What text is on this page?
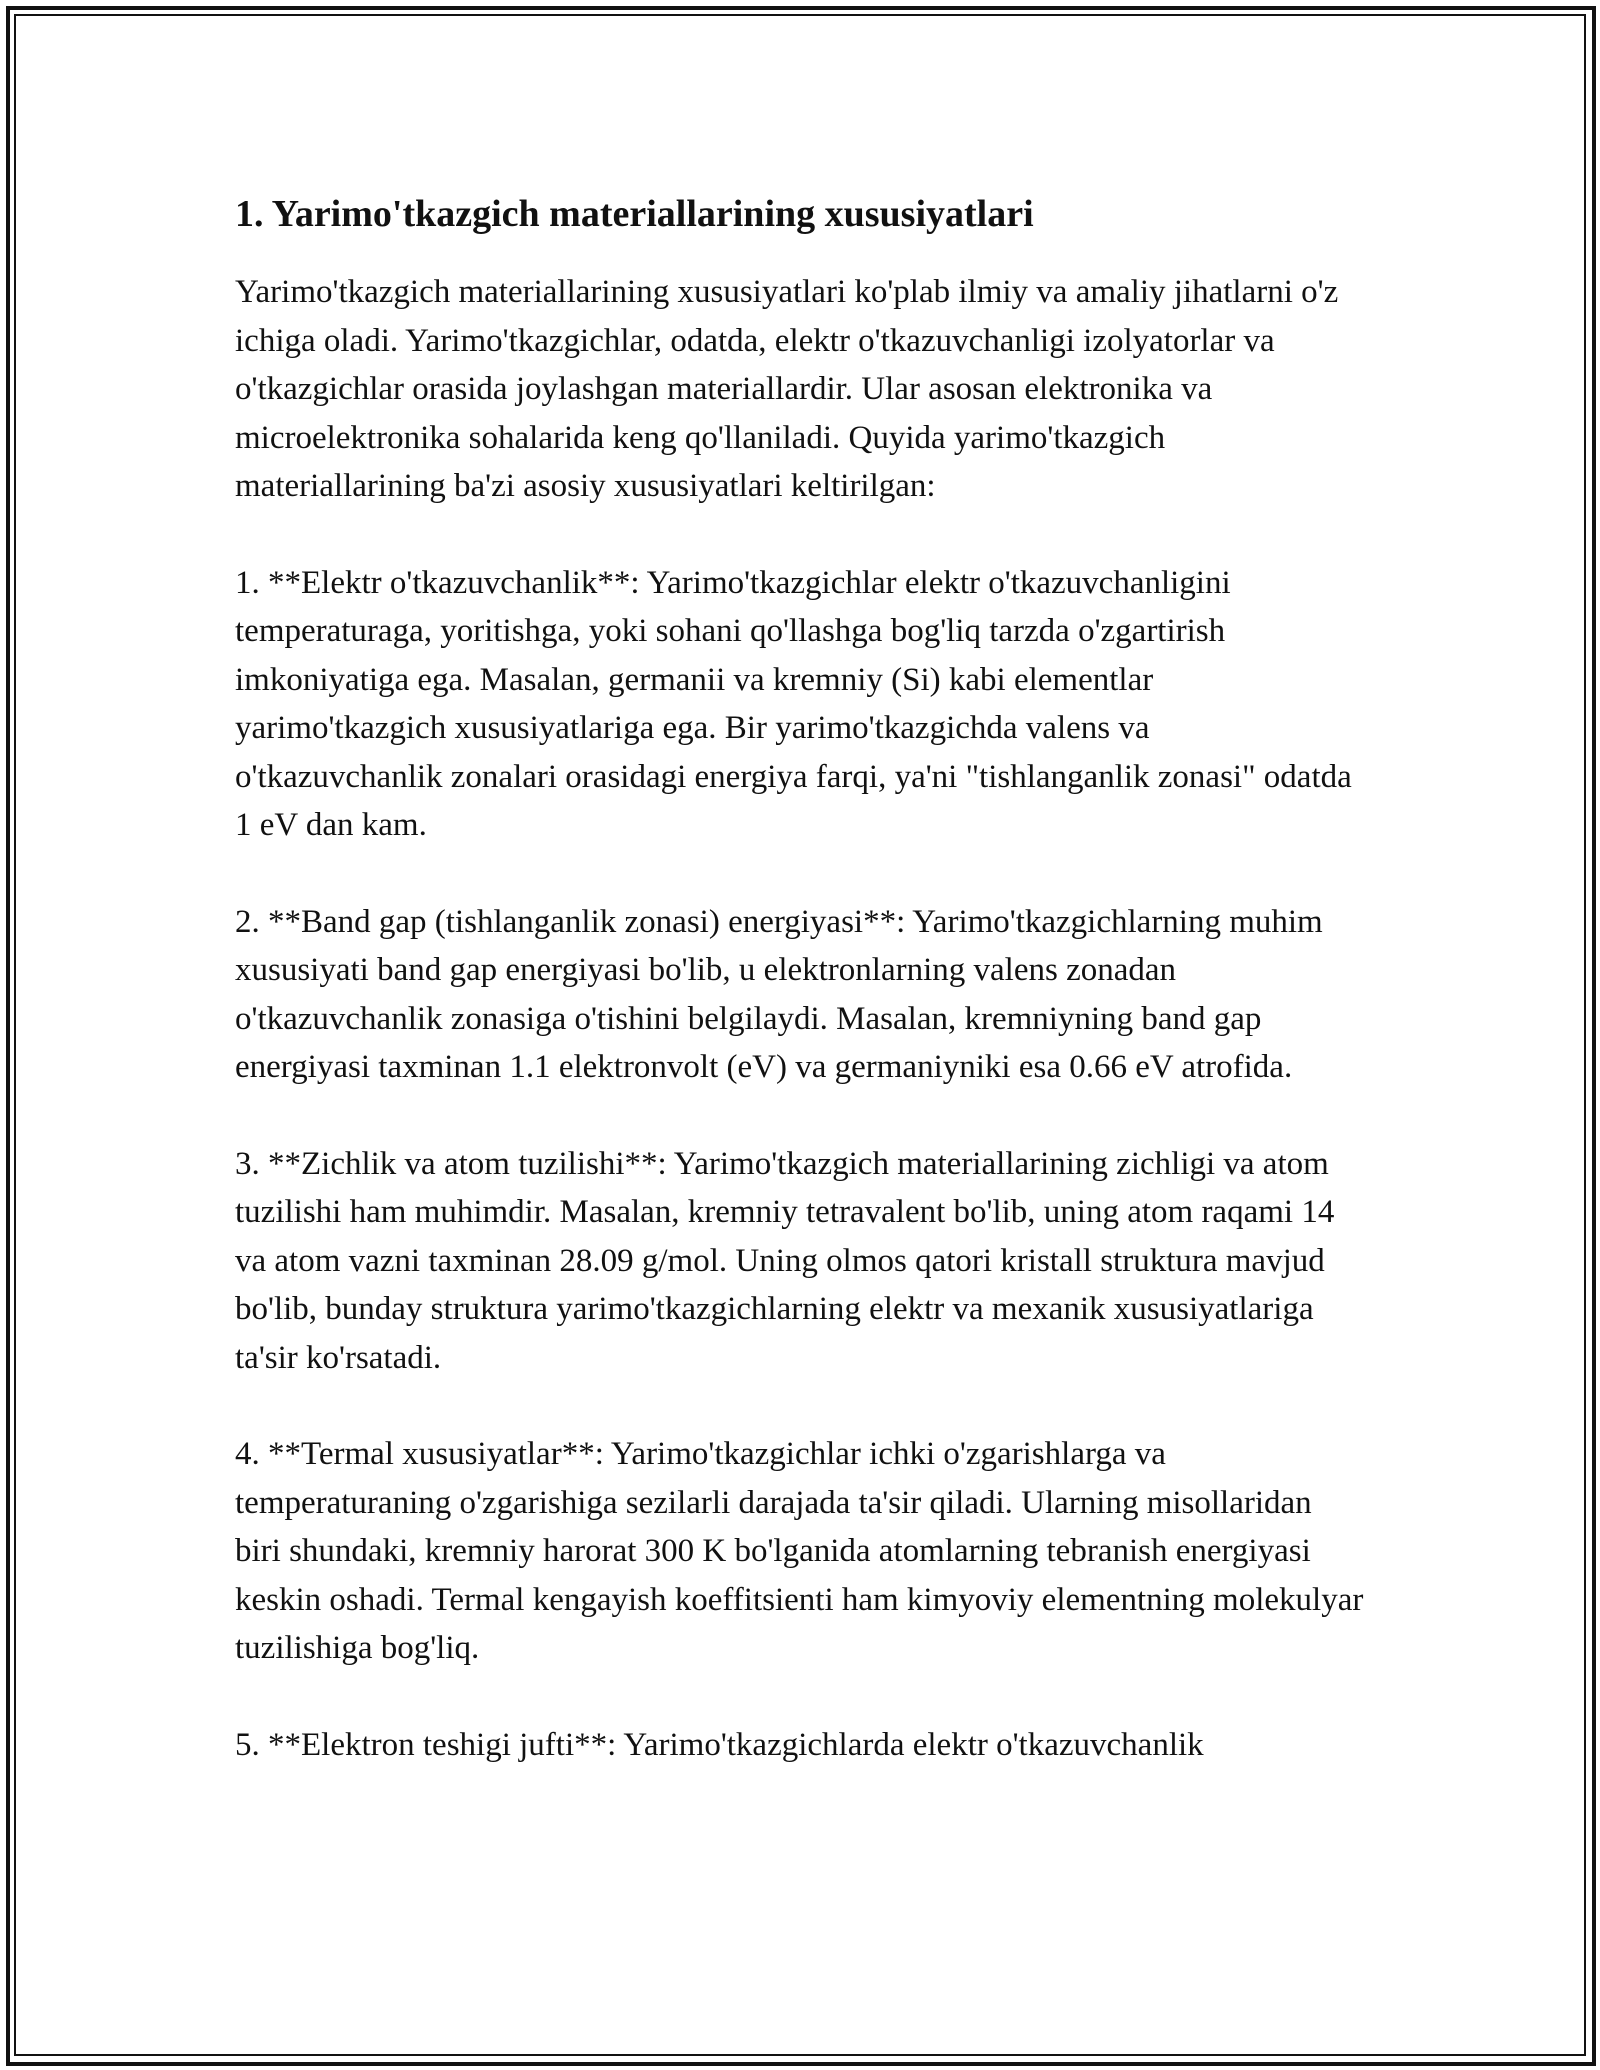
1. Yarimo'tkazgich materiallarining xususiyatlari

Yarimo'tkazgich materiallarining xususiyatlari ko'plab ilmiy va amaliy jihatlarni o'z ichiga oladi. Yarimo'tkazgichlar, odatda, elektr o'tkazuvchanligi izolyatorlar va o'tkazgichlar orasida joylashgan materiallardir. Ular asosan elektronika va microelektronika sohalarida keng qo'llaniladi. Quyida yarimo'tkazgich materiallarining ba'zi asosiy xususiyatlari keltirilgan:

1. **Elektr o'tkazuvchanlik**: Yarimo'tkazgichlar elektr o'tkazuvchanligini temperaturaga, yoritishga, yoki sohani qo'llashga bog'liq tarzda o'zgartirish imkoniyatiga ega. Masalan, germanii va kremniy (Si) kabi elementlar yarimo'tkazgich xususiyatlariga ega. Bir yarimo'tkazgichda valens va o'tkazuvchanlik zonalari orasidagi energiya farqi, ya'ni "tishlanganlik zonasi" odatda 1 eV dan kam.

2. **Band gap (tishlanganlik zonasi) energiyasi**: Yarimo'tkazgichlarning muhim xususiyati band gap energiyasi bo'lib, u elektronlarning valens zonadan o'tkazuvchanlik zonasiga o'tishini belgilaydi. Masalan, kremniyning band gap energiyasi taxminan 1.1 elektronvolt (eV) va germaniyniki esa 0.66 eV atrofida.

3. **Zichlik va atom tuzilishi**: Yarimo'tkazgich materiallarining zichligi va atom tuzilishi ham muhimdir. Masalan, kremniy tetravalent bo'lib, uning atom raqami 14 va atom vazni taxminan 28.09 g/mol. Uning olmos qatori kristall struktura mavjud bo'lib, bunday struktura yarimo'tkazgichlarning elektr va mexanik xususiyatlariga ta'sir ko'rsatadi.

4. **Termal xususiyatlar**: Yarimo'tkazgichlar ichki o'zgarishlarga va temperaturaning o'zgarishiga sezilarli darajada ta'sir qiladi. Ularning misollaridan biri shundaki, kremniy harorat 300 K bo'lganida atomlarning tebranish energiyasi keskin oshadi. Termal kengayish koeffitsienti ham kimyoviy elementning molekulyar tuzilishiga bog'liq.

5. **Elektron teshigi jufti**: Yarimo'tkazgichlarda elektr o'tkazuvchanlik
